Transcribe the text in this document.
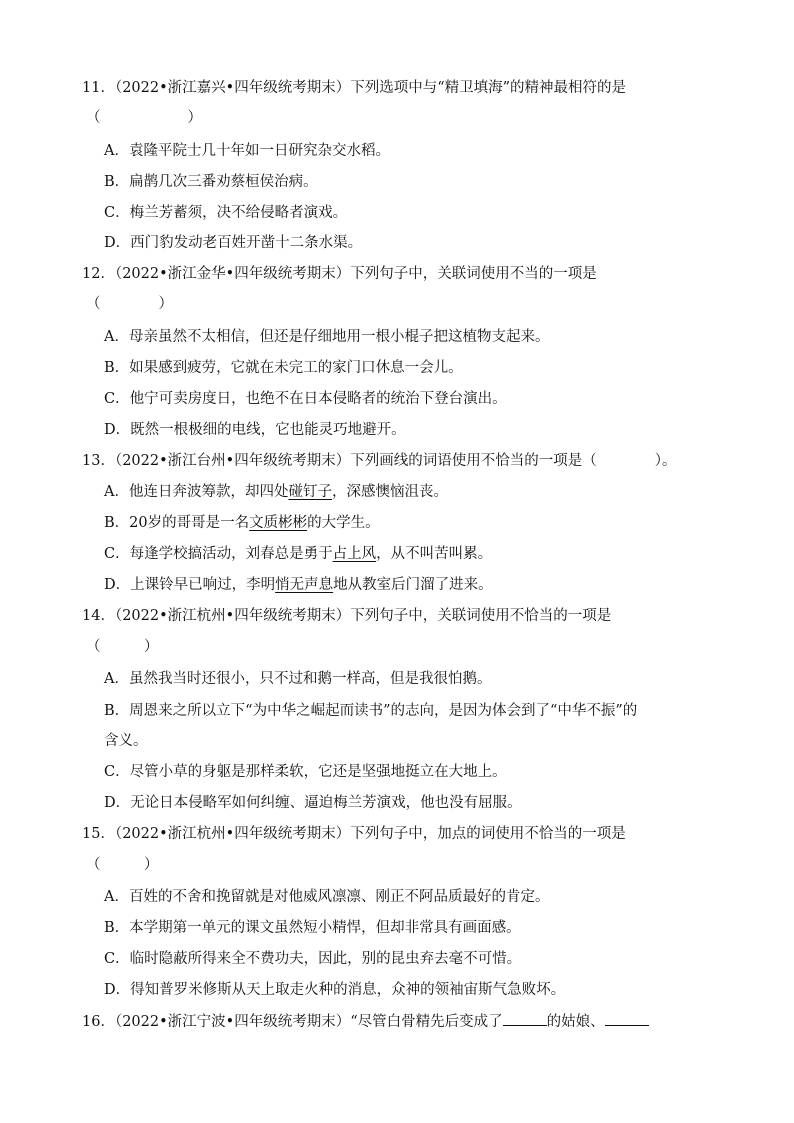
11．（2022•浙江嘉兴•四年级统考期末）下列选项中与“精卫填海”的精神最相符的是
（　　　　　　）
A．袁隆平院士几十年如一日研究杂交水稻。
B．扁鹊几次三番劝蔡桓侯治病。
C．梅兰芳蓄须，决不给侵略者演戏。
D．西门豹发动老百姓开凿十二条水渠。
12．（2022•浙江金华•四年级统考期末）下列句子中，关联词使用不当的一项是
（　　　　）
A．母亲虽然不太相信，但还是仔细地用一根小棍子把这植物支起来。
B．如果感到疲劳，它就在未完工的家门口休息一会儿。
C．他宁可卖房度日，也绝不在日本侵略者的统治下登台演出。
D．既然一根极细的电线，它也能灵巧地避开。
13．（2022•浙江台州•四年级统考期末）下列画线的词语使用不恰当的一项是（　　　　）。
A．他连日奔波筹款，却四处碰钉子，深感懊恼沮丧。
B．20岁的哥哥是一名文质彬彬的大学生。
C．每逢学校搞活动，刘春总是勇于占上风，从不叫苦叫累。
D．上课铃早已响过，李明悄无声息地从教室后门溜了进来。
14．（2022•浙江杭州•四年级统考期末）下列句子中，关联词使用不恰当的一项是
（　　　）
A．虽然我当时还很小，只不过和鹅一样高，但是我很怕鹅。
B．周恩来之所以立下“为中华之崛起而读书”的志向，是因为体会到了“中华不振”的
含义。
C．尽管小草的身躯是那样柔软，它还是坚强地挺立在大地上。
D．无论日本侵略军如何纠缠、逼迫梅兰芳演戏，他也没有屈服。
15．（2022•浙江杭州•四年级统考期末）下列句子中，加点的词使用不恰当的一项是
（　　　）
A．百姓的不舍和挽留就是对他威风凛凛、刚正不阿品质最好的肯定。
B．本学期第一单元的课文虽然短小精悍，但却非常具有画面感。
C．临时隐蔽所得来全不费功夫，因此，别的昆虫弃去毫不可惜。
D．得知普罗米修斯从天上取走火种的消息，众神的领袖宙斯气急败坏。
16．（2022•浙江宁波•四年级统考期末）“尽管白骨精先后变成了	的姑娘、
